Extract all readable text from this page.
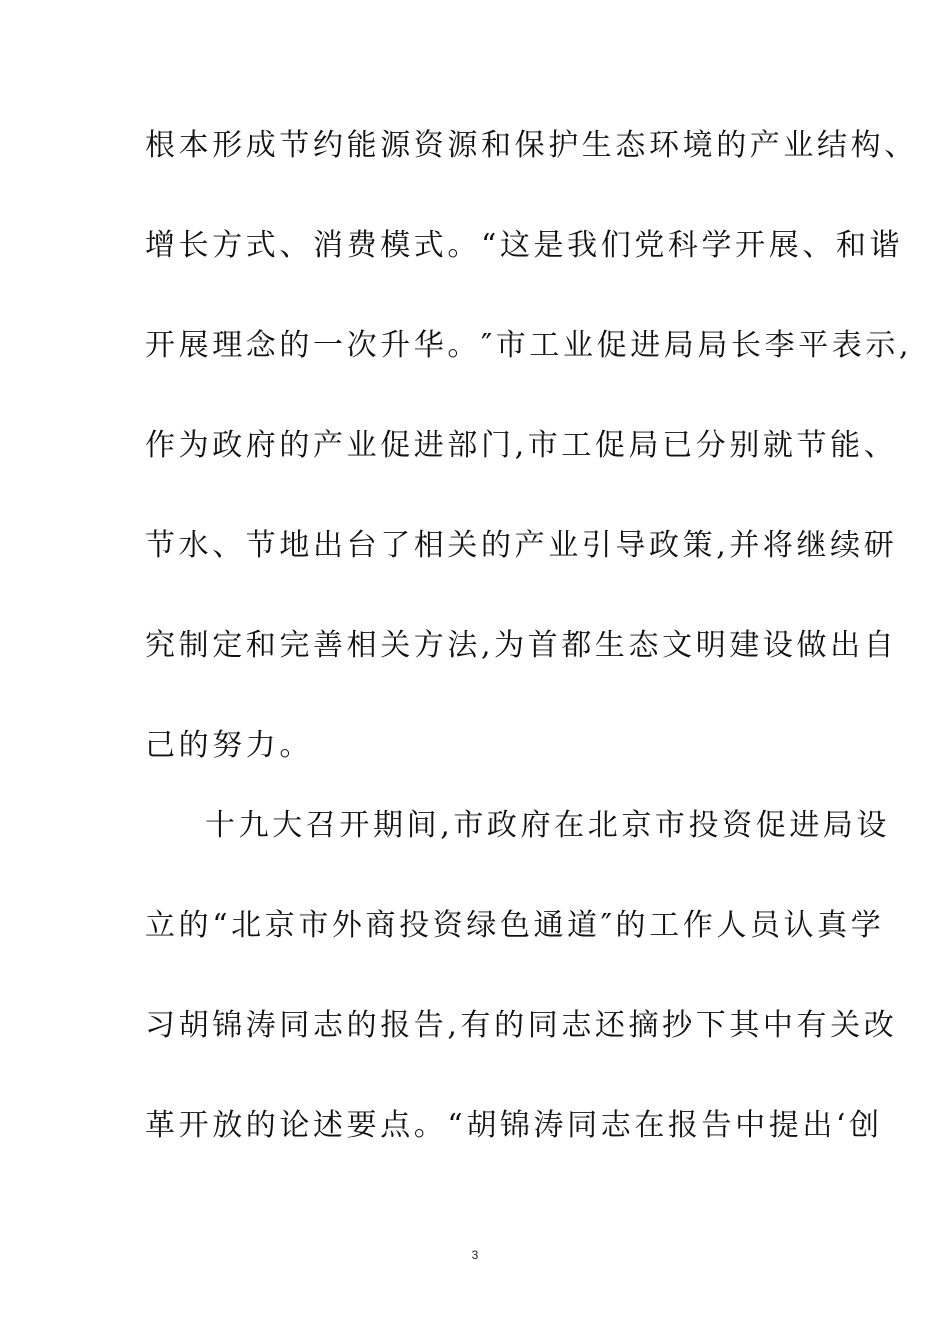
根本形成节约能源资源和保护生态环境的产业结构、
增长方式、消费模式。“这是我们党科学开展、和谐
开展理念的一次升华。″市工业促进局局长李平表示,
作为政府的产业促进部门,市工促局已分别就节能、
节水、节地出台了相关的产业引导政策,并将继续研
究制定和完善相关方法,为首都生态文明建设做出自
己的努力。
十九大召开期间,市政府在北京市投资促进局设
立的“北京市外商投资绿色通道″的工作人员认真学
习胡锦涛同志的报告,有的同志还摘抄下其中有关改
革开放的论述要点。“胡锦涛同志在报告中提出‘创
3
